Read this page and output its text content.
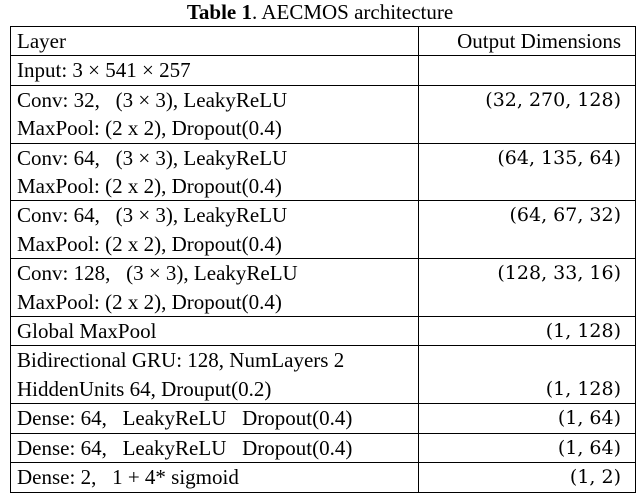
Table 1. AECMOS architecture
Layer	Output Dimensions
Input: 3 × 541 × 257	
Conv: 32,   (3 × 3), LeakyReLU	(32, 270, 128)
MaxPool: (2 x 2), Dropout(0.4)	
Conv: 64,   (3 × 3), LeakyReLU	(64, 135, 64)
MaxPool: (2 x 2), Dropout(0.4)	
Conv: 64,   (3 × 3), LeakyReLU	(64, 67, 32)
MaxPool: (2 x 2), Dropout(0.4)	
Conv: 128,   (3 × 3), LeakyReLU	(128, 33, 16)
MaxPool: (2 x 2), Dropout(0.4)	
Global MaxPool	(1, 128)
Bidirectional GRU: 128, NumLayers 2	
HiddenUnits 64, Drouput(0.2)	(1, 128)
Dense: 64,   LeakyReLU   Dropout(0.4)	(1, 64)
Dense: 64,   LeakyReLU   Dropout(0.4)	(1, 64)
Dense: 2,   1 + 4* sigmoid	(1, 2)
